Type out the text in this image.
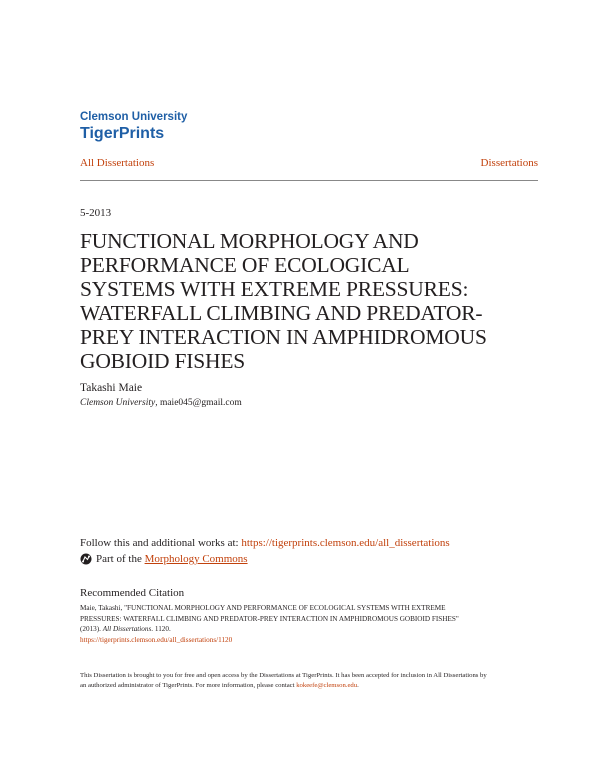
Clemson University
TigerPrints
All Dissertations	Dissertations
5-2013
FUNCTIONAL MORPHOLOGY AND
PERFORMANCE OF ECOLOGICAL
SYSTEMS WITH EXTREME PRESSURES:
WATERFALL CLIMBING AND PREDATOR-
PREY INTERACTION IN AMPHIDROMOUS
GOBIOID FISHES
Takashi Maie
Clemson University, maie045@gmail.com
Follow this and additional works at: https://tigerprints.clemson.edu/all_dissertations
Part of the
Morphology Commons
Recommended Citation
Maie, Takashi, "FUNCTIONAL MORPHOLOGY AND PERFORMANCE OF ECOLOGICAL SYSTEMS WITH EXTREME
PRESSURES: WATERFALL CLIMBING AND PREDATOR-PREY INTERACTION IN AMPHIDROMOUS GOBIOID FISHES"
(2013). All Dissertations. 1120.
https://tigerprints.clemson.edu/all_dissertations/1120
This Dissertation is brought to you for free and open access by the Dissertations at TigerPrints. It has been accepted for inclusion in All Dissertations by
an authorized administrator of TigerPrints. For more information, please contact kokeefe@clemson.edu.
